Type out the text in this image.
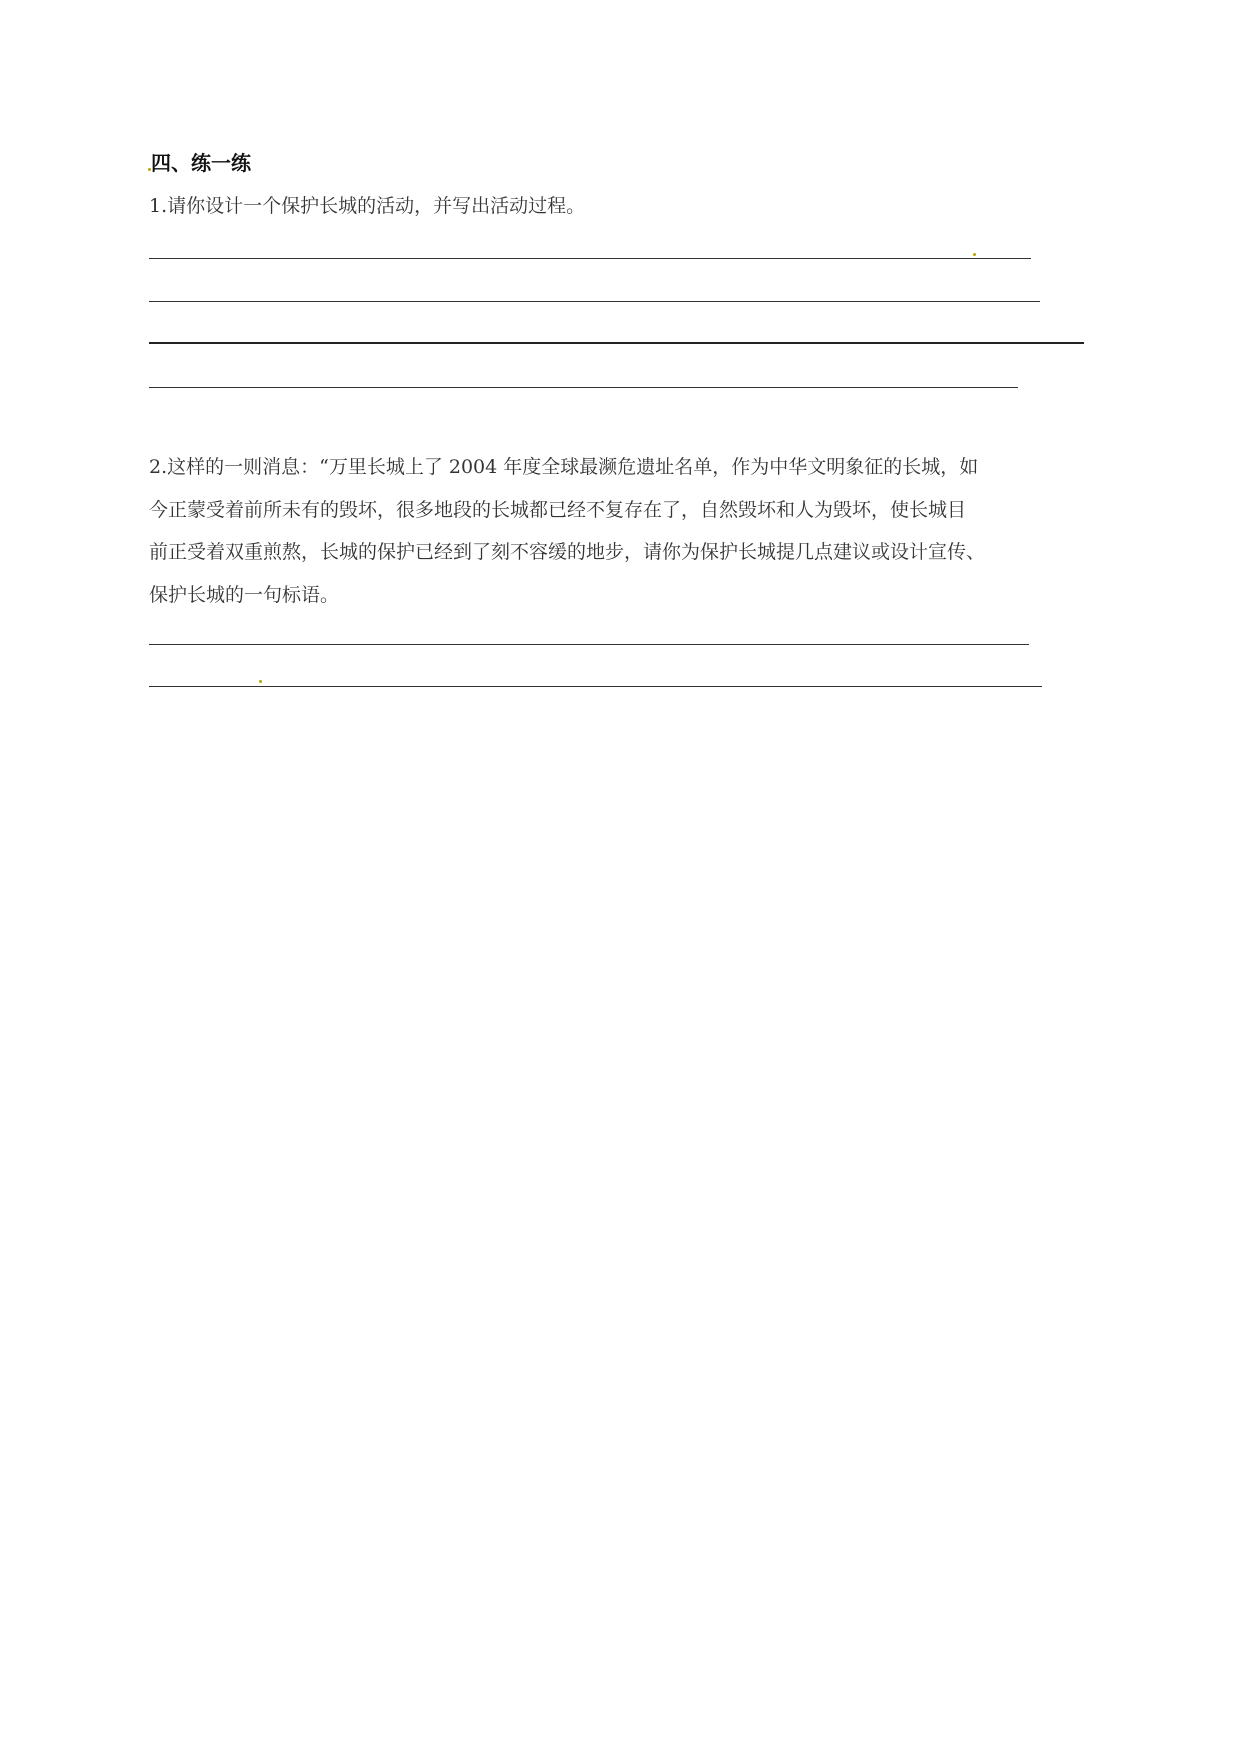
四、练一练
1.请你设计一个保护长城的活动，并写出活动过程。
2.这样的一则消息：“万里长城上了 2004 年度全球最濒危遗址名单，作为中华文明象征的长城，如
今正蒙受着前所未有的毁坏，很多地段的长城都已经不复存在了，自然毁坏和人为毁坏，使长城目
前正受着双重煎熬，长城的保护已经到了刻不容缓的地步，请你为保护长城提几点建议或设计宣传、
保护长城的一句标语。
